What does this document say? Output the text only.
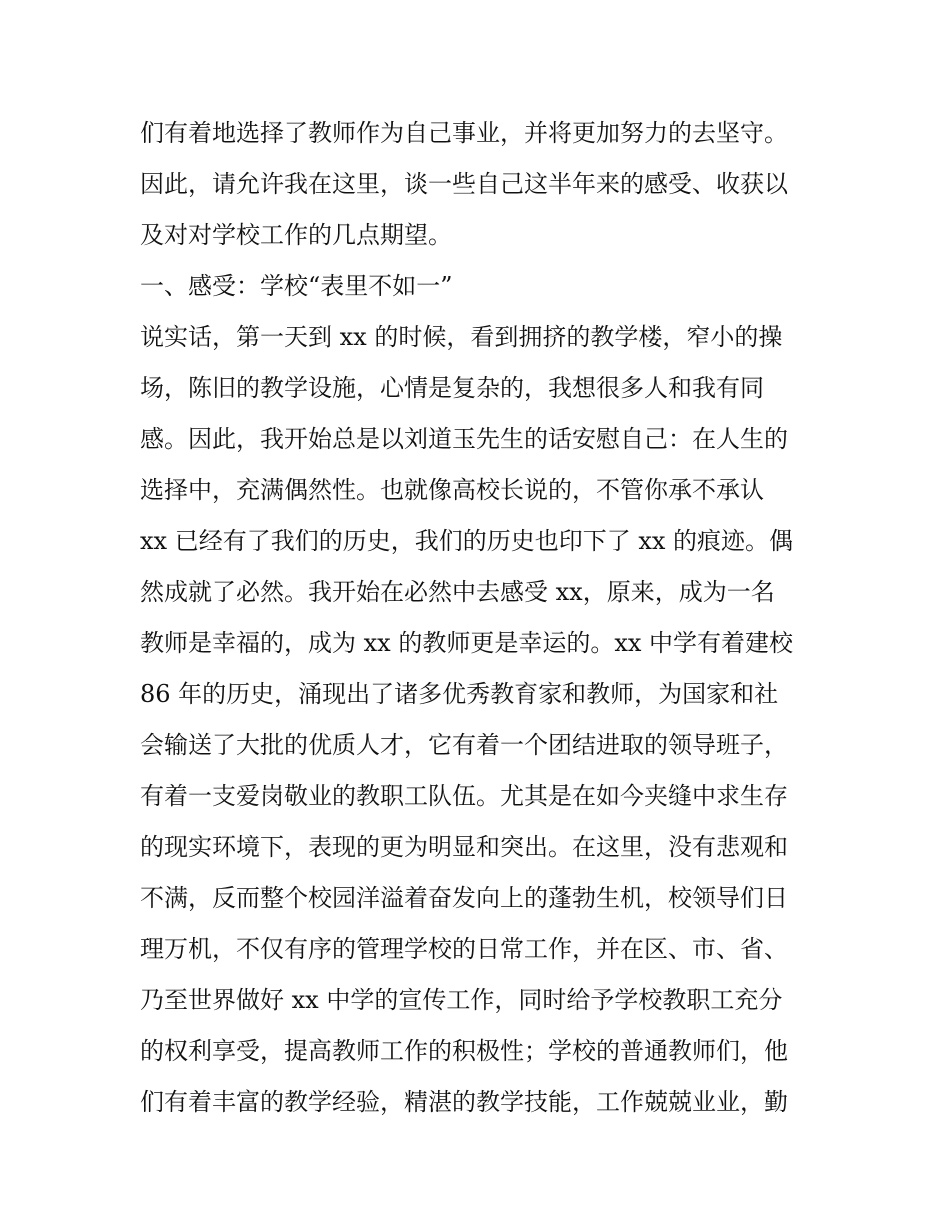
们有着地选择了教师作为自己事业，并将更加努力的去坚守。
因此，请允许我在这里，谈一些自己这半年来的感受、收获以
及对对学校工作的几点期望。
一、感受：学校“表里不如一”
说实话，第一天到 xx 的时候，看到拥挤的教学楼，窄小的操
场，陈旧的教学设施，心情是复杂的，我想很多人和我有同
感。因此，我开始总是以刘道玉先生的话安慰自己：在人生的
选择中，充满偶然性。也就像高校长说的，不管你承不承认
xx 已经有了我们的历史，我们的历史也印下了 xx 的痕迹。偶
然成就了必然。我开始在必然中去感受 xx，原来，成为一名
教师是幸福的，成为 xx 的教师更是幸运的。xx 中学有着建校
86 年的历史，涌现出了诸多优秀教育家和教师，为国家和社
会输送了大批的优质人才，它有着一个团结进取的领导班子，
有着一支爱岗敬业的教职工队伍。尤其是在如今夹缝中求生存
的现实环境下，表现的更为明显和突出。在这里，没有悲观和
不满，反而整个校园洋溢着奋发向上的蓬勃生机，校领导们日
理万机，不仅有序的管理学校的日常工作，并在区、市、省、
乃至世界做好 xx 中学的宣传工作，同时给予学校教职工充分
的权利享受，提高教师工作的积极性；学校的普通教师们，他
们有着丰富的教学经验，精湛的教学技能，工作兢兢业业，勤
